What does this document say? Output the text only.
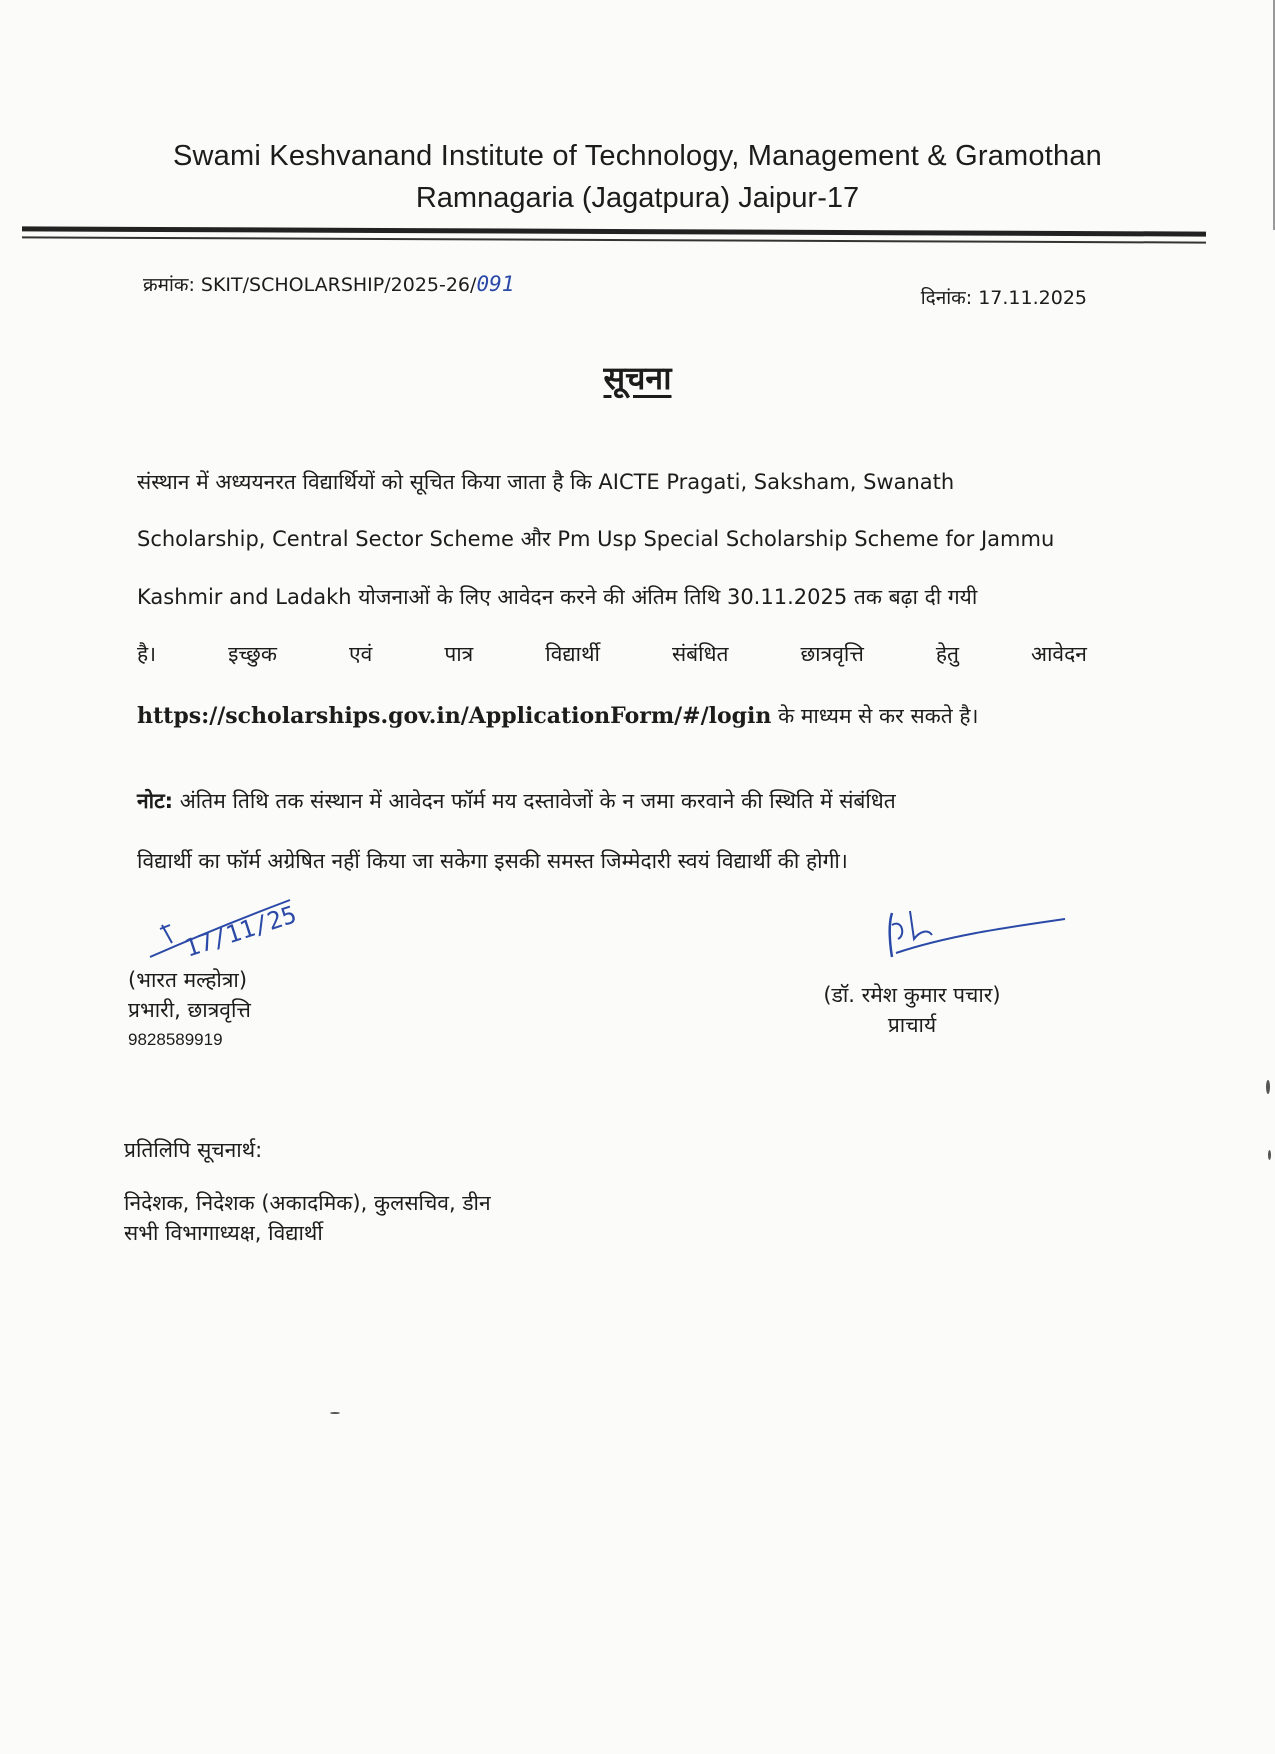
Swami Keshvanand Institute of Technology, Management & Gramothan
Ramnagaria (Jagatpura) Jaipur-17
क्रमांक: SKIT/SCHOLARSHIP/2025-26/091
दिनांक: 17.11.2025
सूचना
संस्थान में अध्ययनरत विद्यार्थियों को सूचित किया जाता है कि AICTE Pragati, Saksham, Swanath
Scholarship, Central Sector Scheme और Pm Usp Special Scholarship Scheme for Jammu
Kashmir and Ladakh योजनाओं के लिए आवेदन करने की अंतिम तिथि 30.11.2025 तक बढ़ा दी गयी
है।	इच्छुक	एवं	पात्र	विद्यार्थी	संबंधित	छात्रवृत्ति	हेतु	आवेदन
https://scholarships.gov.in/ApplicationForm/#/login के माध्यम से कर सकते है।
नोट: अंतिम तिथि तक संस्थान में आवेदन फॉर्म मय दस्तावेजों के न जमा करवाने की स्थिति में संबंधित
विद्यार्थी का फॉर्म अग्रेषित नहीं किया जा सकेगा इसकी समस्त जिम्मेदारी स्वयं विद्यार्थी की होगी।
17/11/25
(भारत मल्होत्रा)
प्रभारी, छात्रवृत्ति
9828589919
(डॉ. रमेश कुमार पचार)
प्राचार्य
प्रतिलिपि सूचनार्थ:
निदेशक, निदेशक (अकादमिक), कुलसचिव, डीन
सभी विभागाध्यक्ष, विद्यार्थी
